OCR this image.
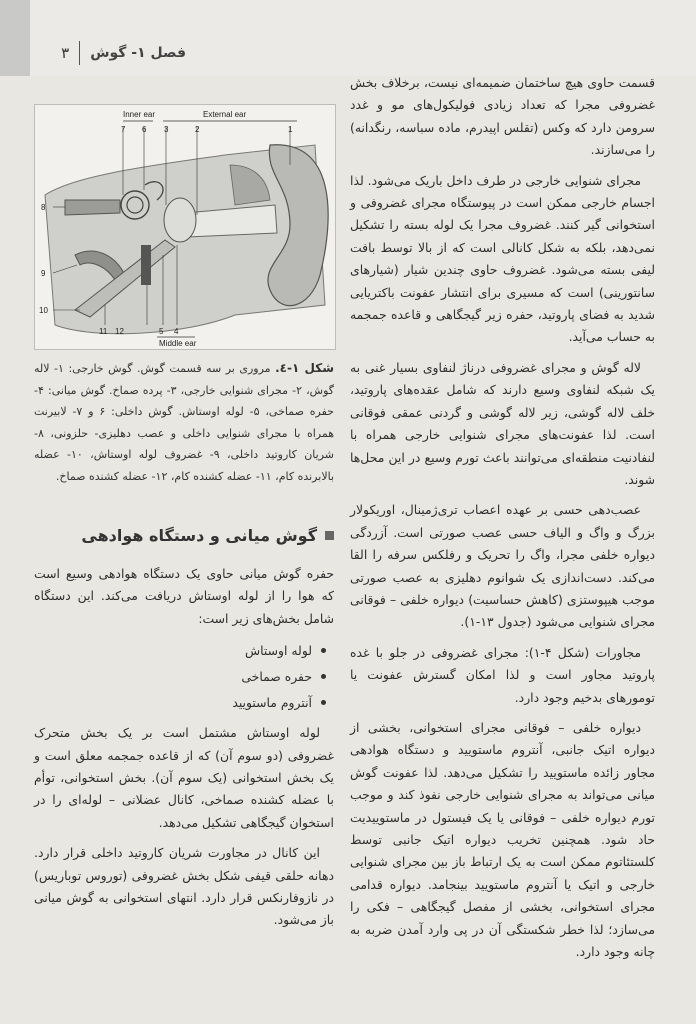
فصل ۱- گوش
۳
Inner ear	External ear
7 6 3	2	1
8
9
10
11 12	5 4
Middle ear
شکل ۱-٤. مروری بر سه قسمت گوش. گوش خارجی: ۱- لاله گوش، ۲- مجرای شنوایی خارجی، ۳- پرده صماخ. گوش میانی: ۴- حفره صماخی، ۵- لوله اوستاش. گوش داخلی: ۶ و ۷- لابیرنت همراه با مجرای شنوایی داخلی و عصب دهلیزی- حلزونی، ۸- شریان کاروتید داخلی، ۹- غضروف لوله اوستاش، ۱۰- عضله بالابرنده کام، ۱۱- عضله کشنده کام، ۱۲- عضله کشنده صماخ.
گوش میانی و دستگاه هوادهی

حفره گوش میانی حاوی یک دستگاه هوادهی وسیع است که هوا را از لوله اوستاش دریافت می‌کند. این دستگاه شامل بخش‌های زیر است:

لوله اوستاش
حفره صماخی
آنتروم ماستویید

لوله اوستاش مشتمل است بر یک بخش متحرک غضروفی (دو سوم آن) که از قاعده جمجمه معلق است و یک بخش استخوانی (یک سوم آن). بخش استخوانی، توأم با عضله کشنده صماخی، کانال عضلانی – لوله‌ای را در استخوان گیجگاهی تشکیل می‌دهد.

این کانال در مجاورت شریان کاروتید داخلی قرار دارد. دهانه حلقی قیفی شکل بخش غضروفی (توروس توباریس) در نازوفارنکس قرار دارد. انتهای استخوانی به گوش میانی باز می‌شود.

قسمت حاوی هیچ ساختمان ضمیمه‌ای نیست، برخلاف بخش غضروفی مجرا که تعداد زیادی فولیکول‌های مو و غدد سرومن دارد که وکس (تقلس اپیدرم، ماده سباسه، رنگدانه) را می‌سازند.

مجرای شنوایی خارجی در طرف داخل باریک می‌شود. لذا اجسام خارجی ممکن است در پیوستگاه مجرای غضروفی و استخوانی گیر کنند. غضروف مجرا یک لوله بسته را تشکیل نمی‌دهد، بلکه به شکل کانالی است که از بالا توسط بافت لیفی بسته می‌شود. غضروف حاوی چندین شیار (شیارهای سانتورینی) است که مسیری برای انتشار عفونت باکتریایی شدید به فضای پاروتید، حفره زیر گیجگاهی و قاعده جمجمه به حساب می‌آید.

لاله گوش و مجرای غضروفی درناژ لنفاوی بسیار غنی به یک شبکه لنفاوی وسیع دارند که شامل عقده‌های پاروتید، خلف لاله گوشی، زیر لاله گوشی و گردنی عمقی فوقانی است. لذا عفونت‌های مجرای شنوایی خارجی همراه با لنفادنیت منطقه‌ای می‌توانند باعث تورم وسیع در این محل‌ها شوند.

عصب‌دهی حسی بر عهده اعصاب تری‌ژمینال، اوریکولار بزرگ و واگ و الیاف حسی عصب صورتی است. آزردگی دیواره خلفی مجرا، واگ را تحریک و رفلکس سرفه را القا می‌کند. دست‌اندازی یک شوانوم دهلیزی به عصب صورتی موجب هیپوستزی (کاهش حساسیت) دیواره خلفی – فوقانی مجرای شنوایی می‌شود (جدول ۱۳-۱).

مجاورات (شکل ۴-۱): مجرای غضروفی در جلو با غده پاروتید مجاور است و لذا امکان گسترش عفونت یا تومورهای بدخیم وجود دارد.

دیواره خلفی – فوقانی مجرای استخوانی، بخشی از دیواره اتیک جانبی، آنتروم ماستویید و دستگاه هوادهی مجاور زائده ماستویید را تشکیل می‌دهد. لذا عفونت گوش میانی می‌تواند به مجرای شنوایی خارجی نفوذ کند و موجب تورم دیواره خلفی – فوقانی یا یک فیستول در ماستوییدیت حاد شود. همچنین تخریب دیواره اتیک جانبی توسط کلستئاتوم ممکن است به یک ارتباط باز بین مجرای شنوایی خارجی و اتیک یا آنتروم ماستویید بینجامد. دیواره قدامی مجرای استخوانی، بخشی از مفصل گیجگاهی – فکی را می‌سازد؛ لذا خطر شکستگی آن در پی وارد آمدن ضربه به چانه وجود دارد.
